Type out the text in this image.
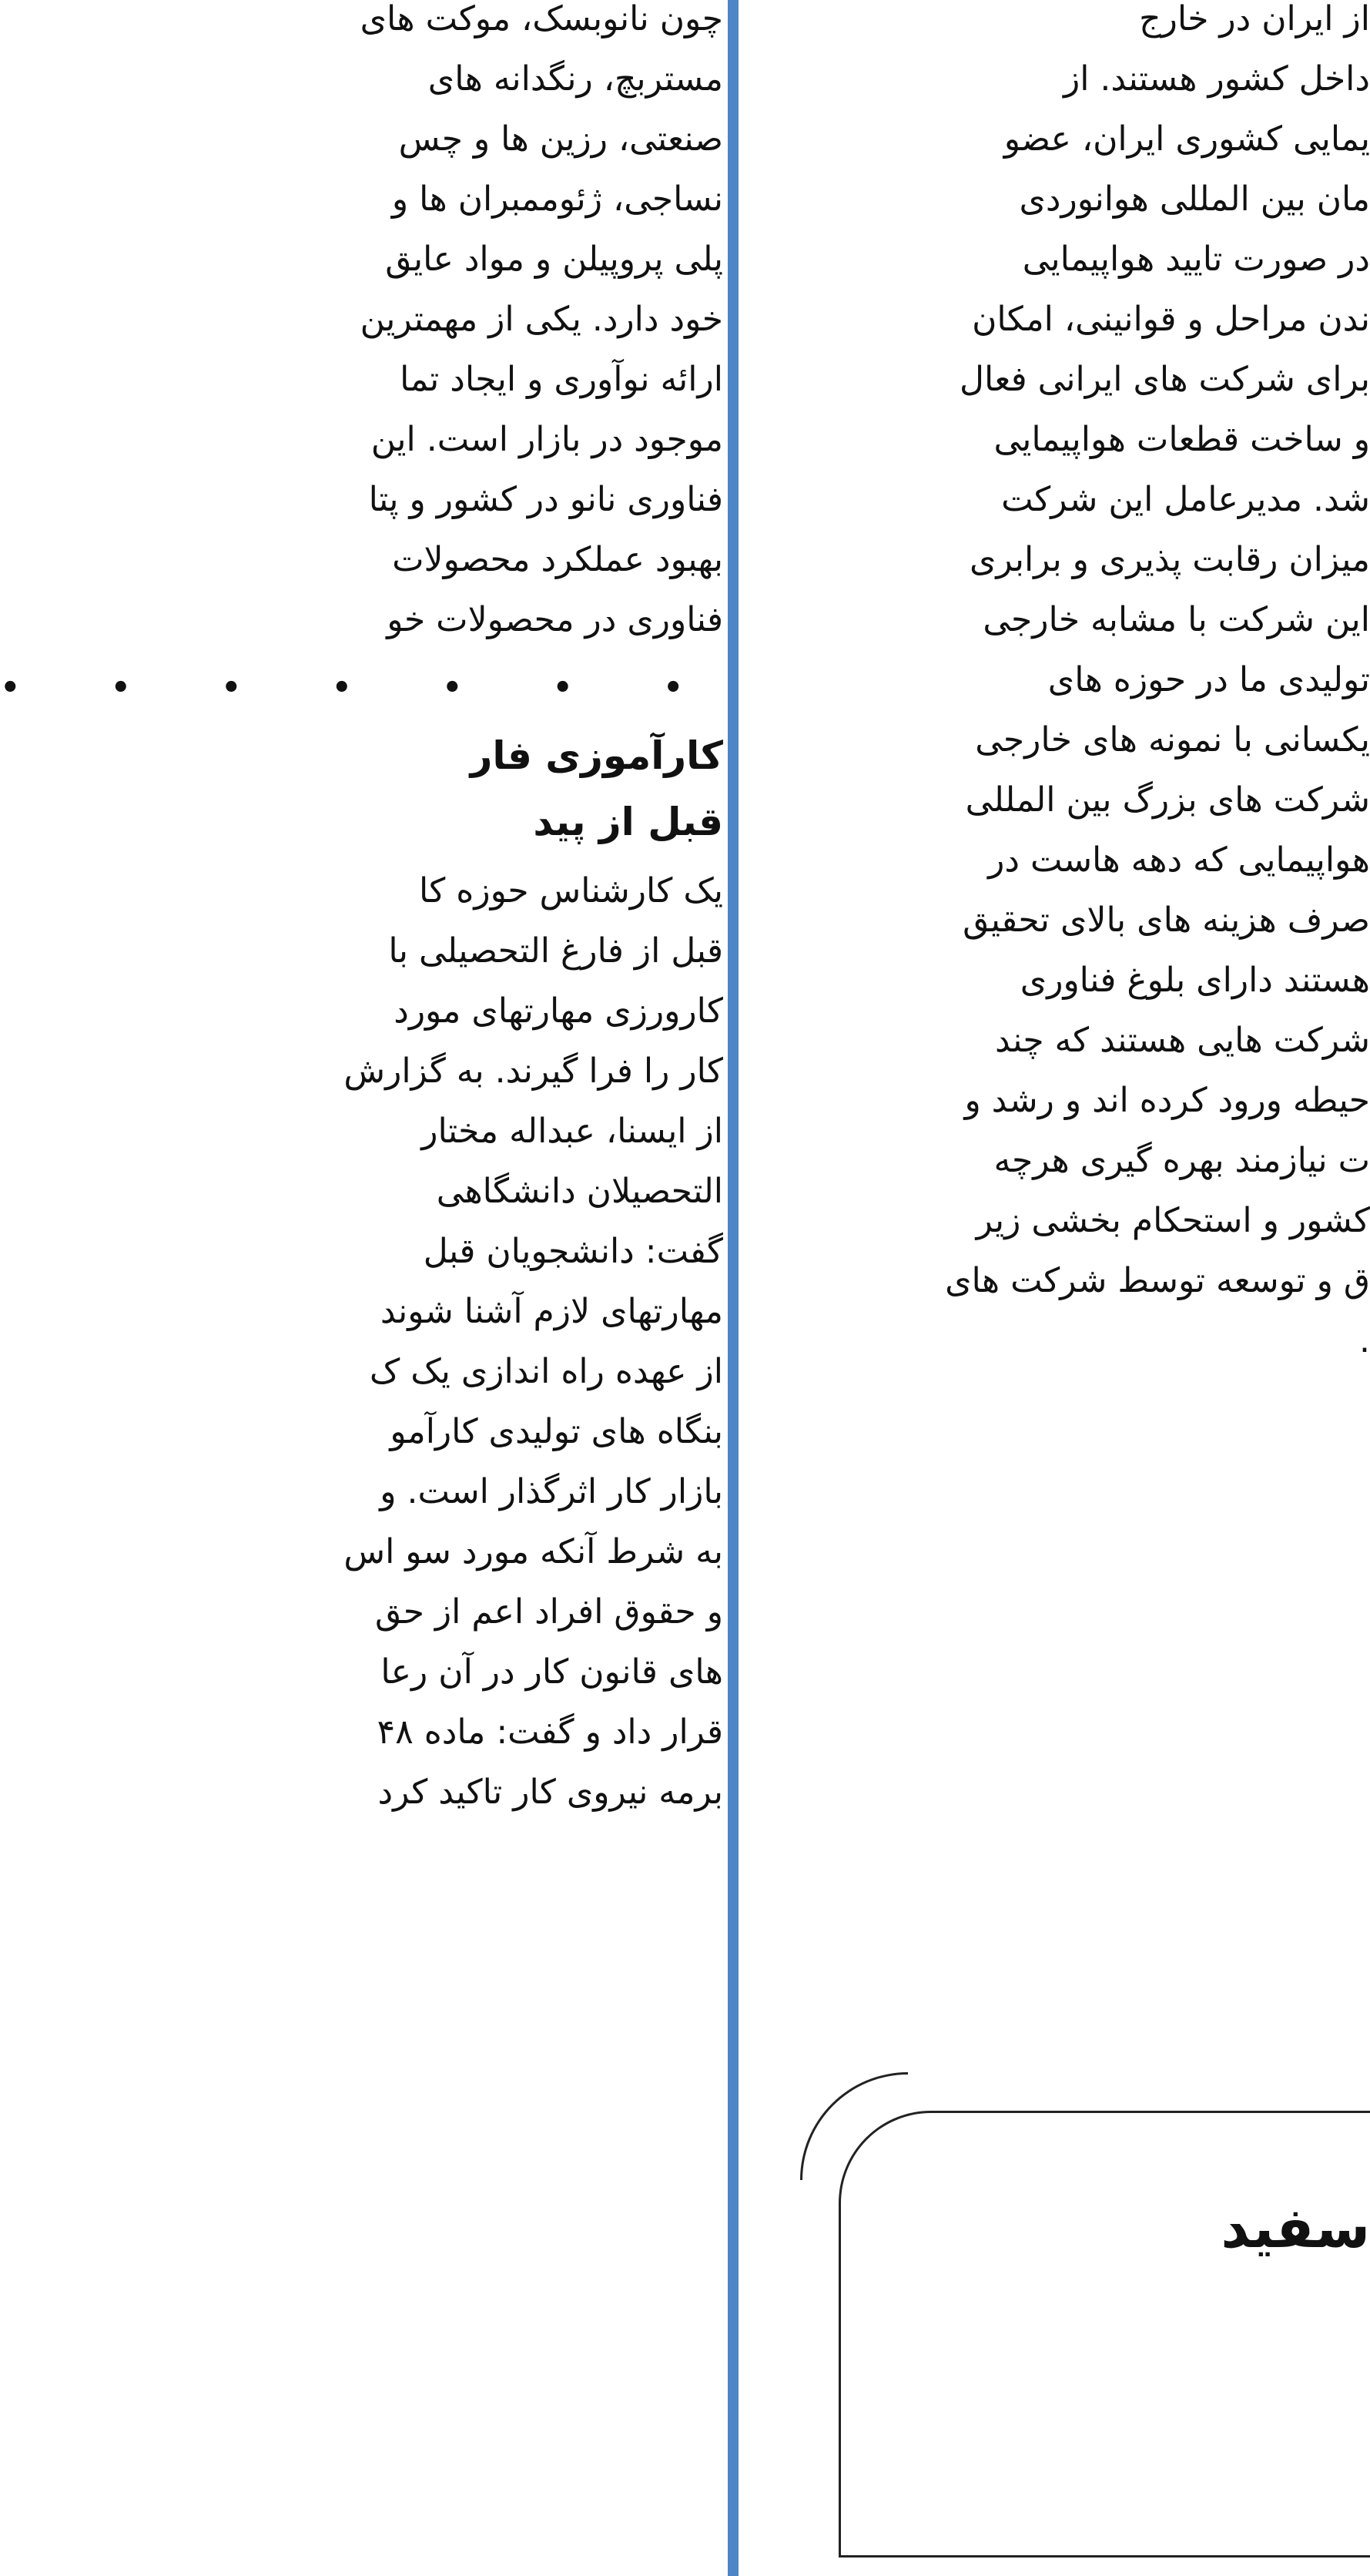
چون نانوبسک، موکت های

مستربچ، رنگدانه های

صنعتی، رزین ها و چس

نساجی، ژئوممبران ها و

پلی پروپیلن و مواد عایق

خود دارد. یکی از مهمترین

ارائه نوآوری و ایجاد تما

موجود در بازار است. این

فناوری نانو در کشور و پتا

بهبود عملکرد محصولات

فناوری در محصولات خو

• • • • • • •

کارآموزی فار
قبل از پید

یک کارشناس حوزه کا

قبل از فارغ التحصیلی با

کارورزی مهارتهای مورد

کار را فرا گیرند. به گزارش

از ایسنا، عبداله مختار

التحصیلان دانشگاهی

گفت: دانشجویان قبل

مهارتهای لازم آشنا شوند

از عهده راه اندازی یک ک

بنگاه های تولیدی کارآمو

بازار کار اثرگذار است. و

به شرط آنکه مورد سو اس

و حقوق افراد اعم از حق

های قانون کار در آن رعا

قرار داد و گفت: ماده ۴۸

برمه نیروی کار تاکید کرد

از ایران در خارج

داخل کشور هستند. از

یمایی کشوری ایران، عضو

مان بین المللی هوانوردی

در صورت تایید هواپیمایی

ندن مراحل و قوانینی، امکان

برای شرکت های ایرانی فعال

و ساخت قطعات هواپیمایی

شد. مدیرعامل این شرکت

میزان رقابت پذیری و برابری

این شرکت با مشابه خارجی

تولیدی ما در حوزه های

یکسانی با نمونه های خارجی

شرکت های بزرگ بین المللی

هواپیمایی که دهه هاست در

صرف هزینه های بالای تحقیق

هستند دارای بلوغ فناوری

شرکت هایی هستند که چند

حیطه ورود کرده اند و رشد و

ت نیازمند بهره گیری هرچه

کشور و استحکام بخشی زیر

ق و توسعه توسط شرکت های

.

سفید
